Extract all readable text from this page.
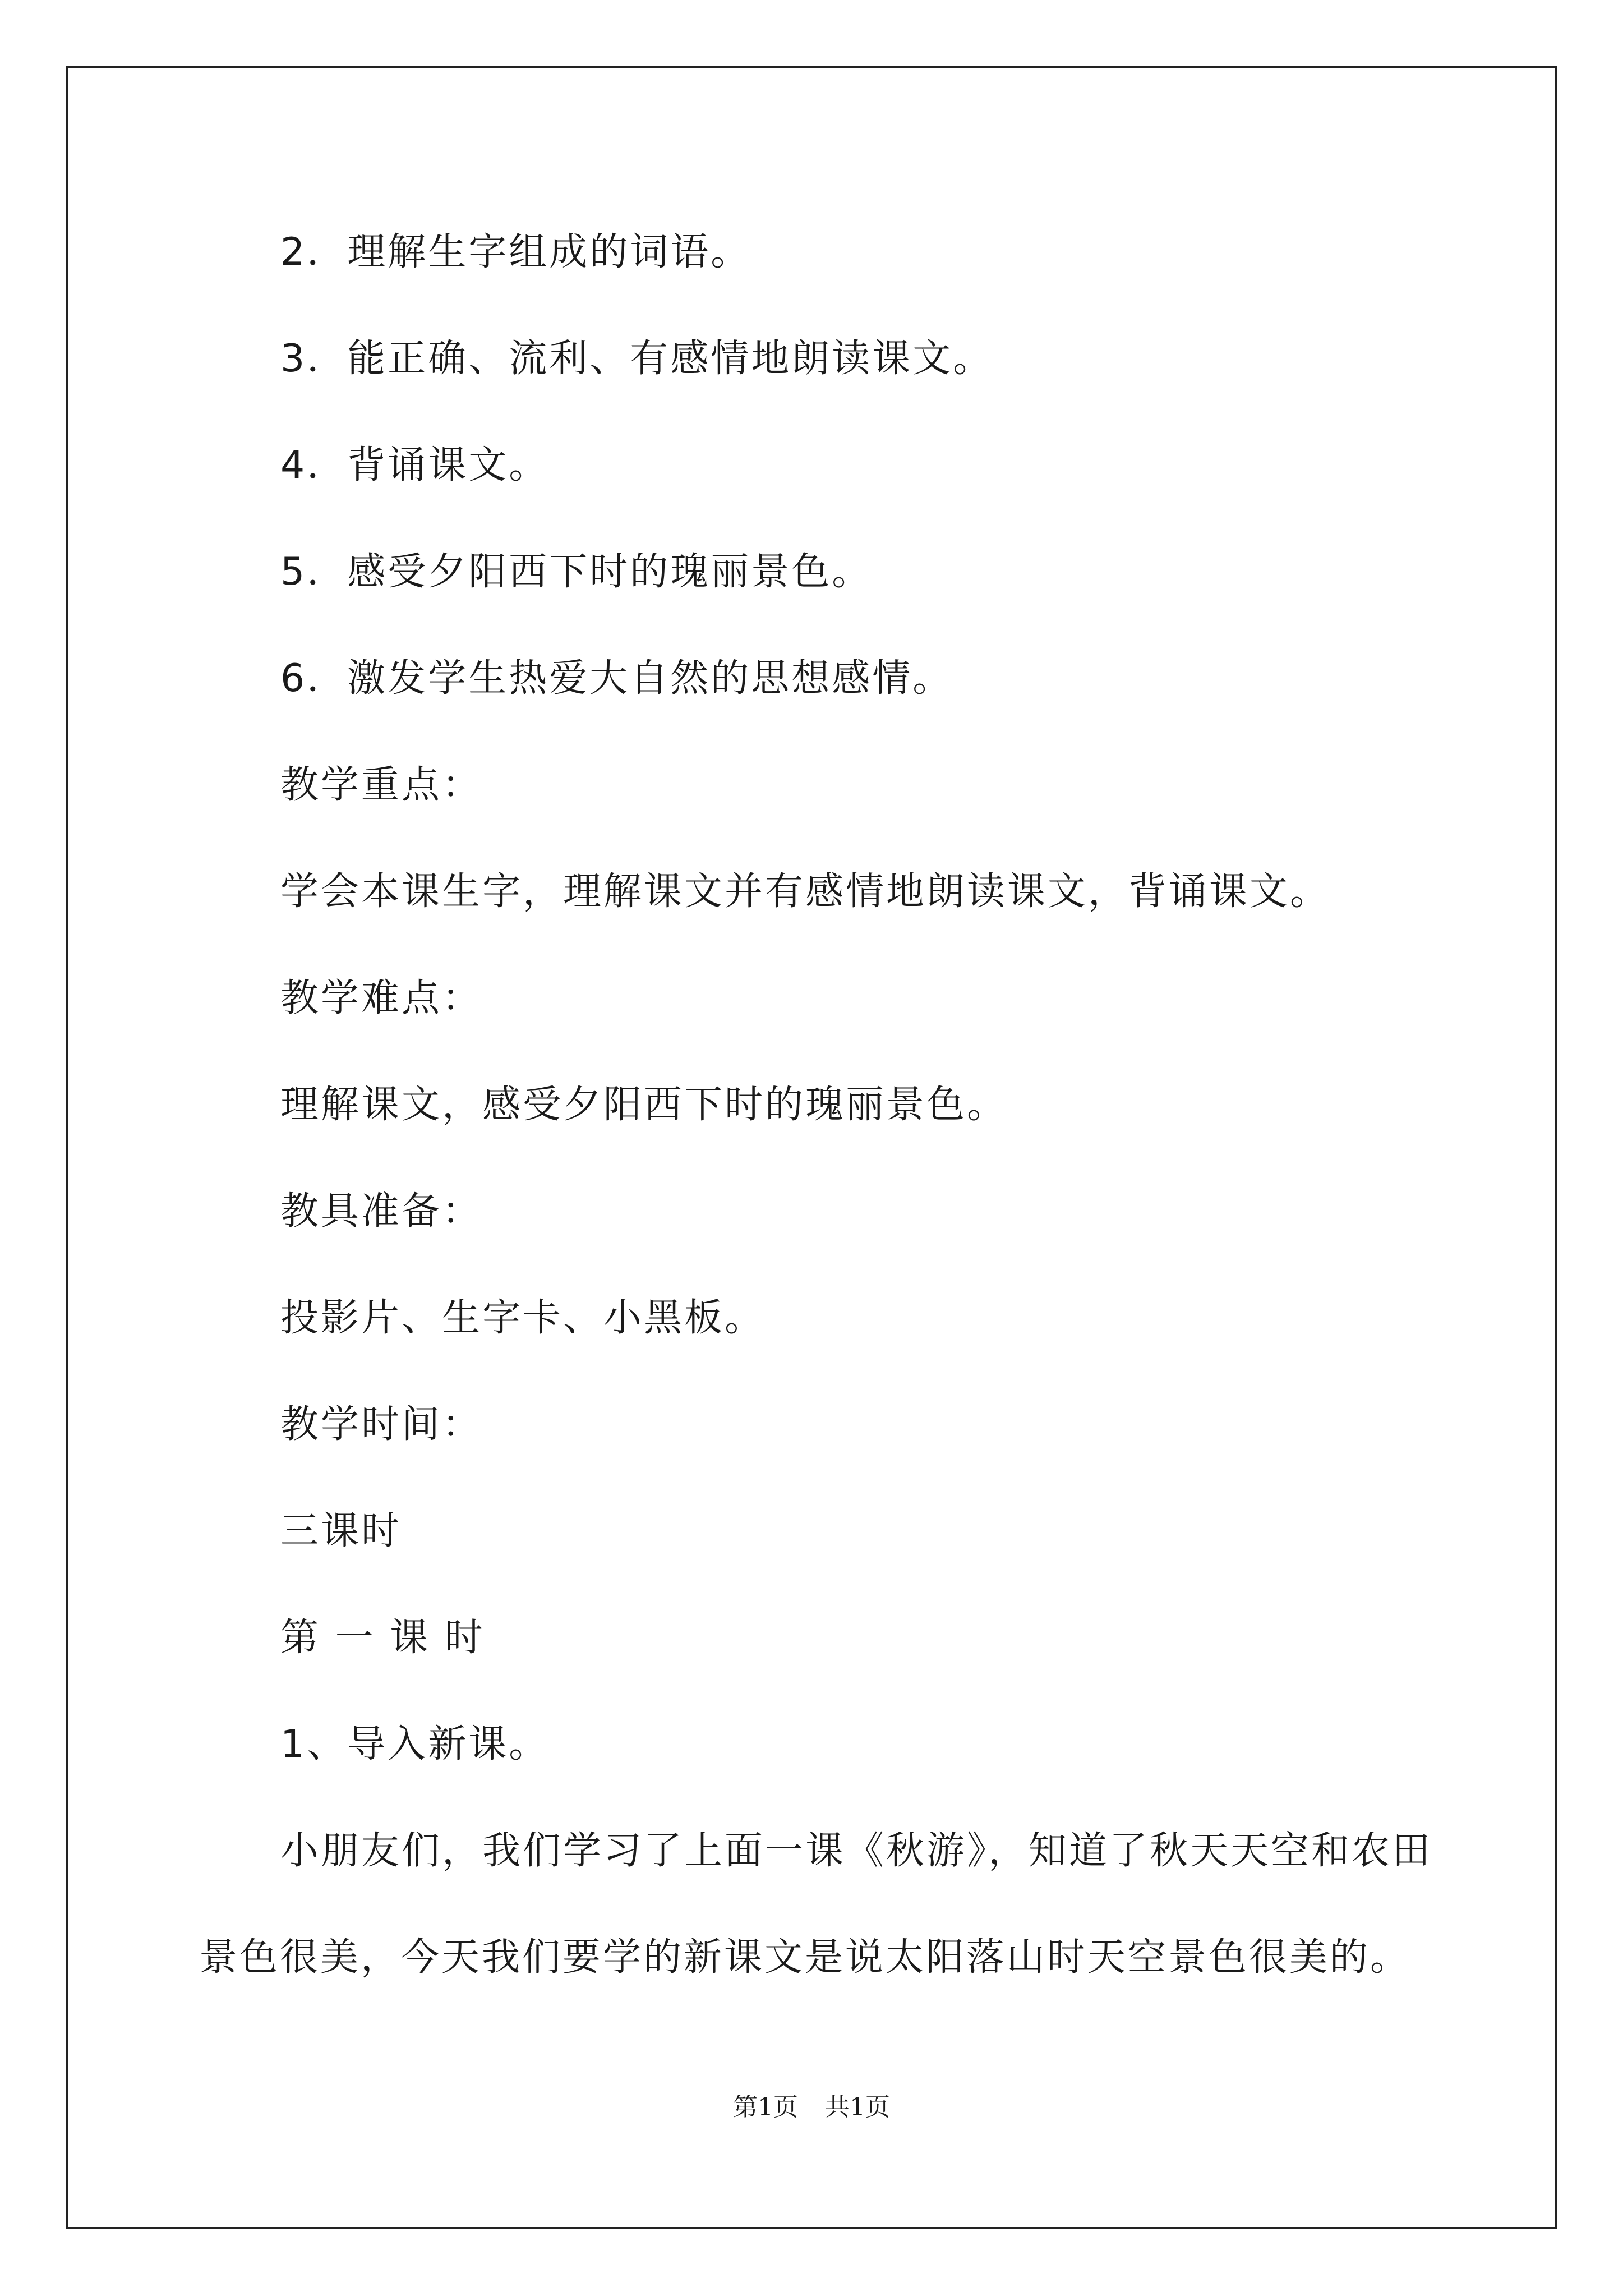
2．理解生字组成的词语。
3．能正确、流利、有感情地朗读课文。
4．背诵课文。
5．感受夕阳西下时的瑰丽景色。
6．激发学生热爱大自然的思想感情。
教学重点：
学会本课生字，理解课文并有感情地朗读课文，背诵课文。
教学难点：
理解课文，感受夕阳西下时的瑰丽景色。
教具准备：
投影片、生字卡、小黑板。
教学时间：
三课时
第 一 课 时
1、导入新课。
小朋友们，我们学习了上面一课《秋游》，知道了秋天天空和农田
景色很美，今天我们要学的新课文是说太阳落山时天空景色很美的。
第1页 共1页
